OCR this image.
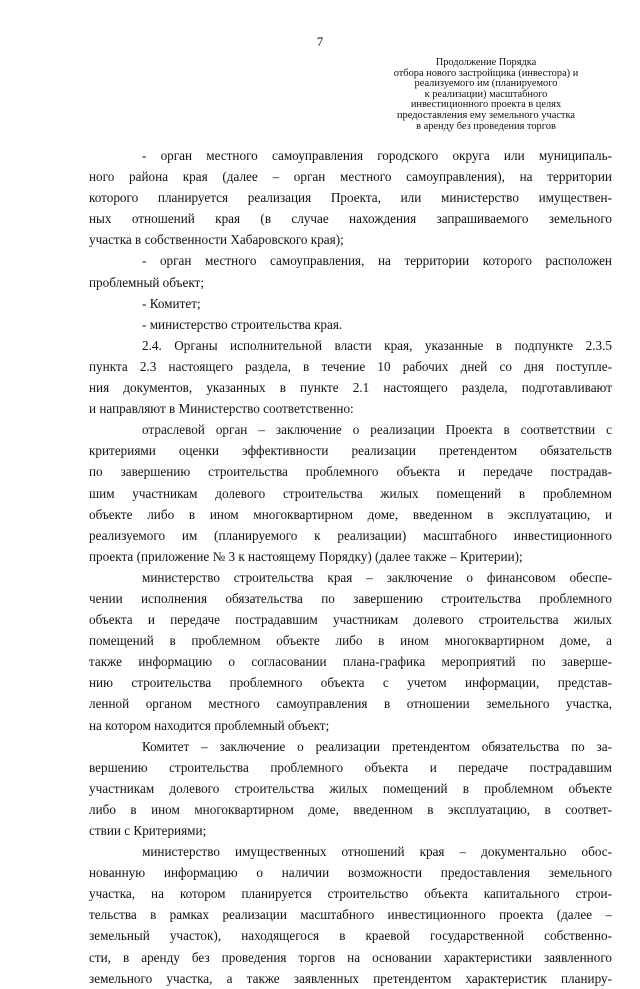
7
Продолжение Порядка
отбора нового застройщика (инвестора) и
реализуемого им (планируемого
к реализации) масштабного
инвестиционного проекта в целях
предоставления ему земельного участка
в аренду без проведения торгов
- орган местного самоуправления городского округа или муниципаль-
ного района края (далее – орган местного самоуправления), на территории
которого планируется реализация Проекта, или министерство имуществен-
ных отношений края (в случае нахождения запрашиваемого земельного
участка в собственности Хабаровского края);
- орган местного самоуправления, на территории которого расположен
проблемный объект;
- Комитет;
- министерство строительства края.
2.4. Органы исполнительной власти края, указанные в подпункте 2.3.5
пункта 2.3 настоящего раздела, в течение 10 рабочих дней со дня поступле-
ния документов, указанных в пункте 2.1 настоящего раздела, подготавливают
и направляют в Министерство соответственно:
отраслевой орган – заключение о реализации Проекта в соответствии с
критериями оценки эффективности реализации претендентом обязательств
по завершению строительства проблемного объекта и передаче пострадав-
шим участникам долевого строительства жилых помещений в проблемном
объекте либо в ином многоквартирном доме, введенном в эксплуатацию, и
реализуемого им (планируемого к реализации) масштабного инвестиционного
проекта (приложение № 3 к настоящему Порядку) (далее также – Критерии);
министерство строительства края – заключение о финансовом обеспе-
чении исполнения обязательства по завершению строительства проблемного
объекта и передаче пострадавшим участникам долевого строительства жилых
помещений в проблемном объекте либо в ином многоквартирном доме, а
также информацию о согласовании плана-графика мероприятий по заверше-
нию строительства проблемного объекта с учетом информации, представ-
ленной органом местного самоуправления в отношении земельного участка,
на котором находится проблемный объект;
Комитет – заключение о реализации претендентом обязательства по за-
вершению строительства проблемного объекта и передаче пострадавшим
участникам долевого строительства жилых помещений в проблемном объекте
либо в ином многоквартирном доме, введенном в эксплуатацию, в соответ-
ствии с Критериями;
министерство имущественных отношений края – документально обос-
нованную информацию о наличии возможности предоставления земельного
участка, на котором планируется строительство объекта капитального строи-
тельства в рамках реализации масштабного инвестиционного проекта (далее –
земельный участок), находящегося в краевой государственной собственно-
сти, в аренду без проведения торгов на основании характеристики заявленного
земельного участка, а также заявленных претендентом характеристик планиру-
